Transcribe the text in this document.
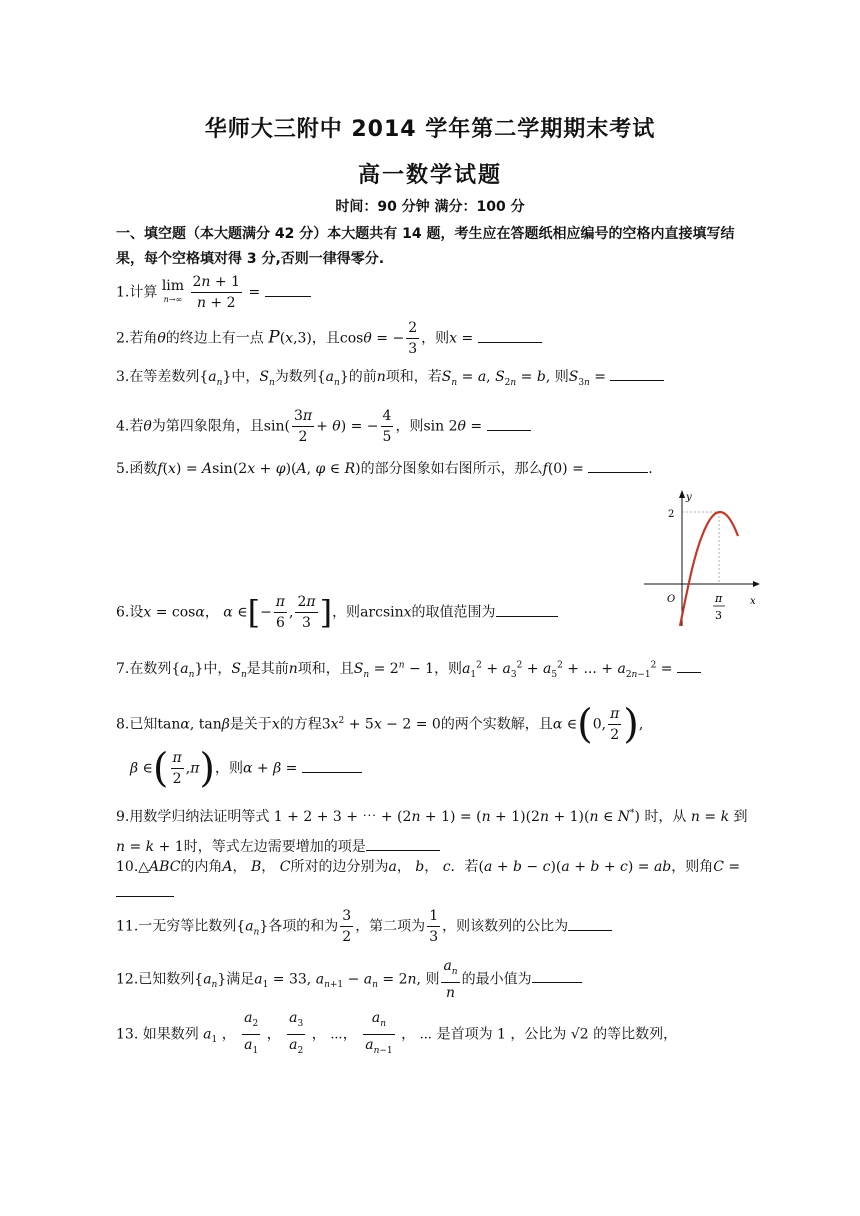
华师大三附中 2014 学年第二学期期末考试
高一数学试题
时间：90 分钟 满分：100 分
一、填空题（本大题满分 42 分）本大题共有 14 题，考生应在答题纸相应编号的空格内直接填写结果，每个空格填对得 3 分,否则一律得零分.
1.计算 lim
n→∞
$\frac{2n + 1}{n + 2}$ =
2.若角θ的终边上有一点 P(x,3)，且cosθ = − $\frac{2}{3}$ ，则x =
3.在等差数列$\{a_n\}$中，$S_n$为数列$\{a_n\}$的前n项和，若$S_n = a$, $S_{2n} = b$, 则$S_{3n}$ =
4.若θ为第四象限角，且$\sin( \frac{3\pi}{2} + \theta)$ = − $\frac{4}{5}$ ，则sin 2θ =
5.函数f(x) = Asin(2x + φ)(A, φ ∈ R)的部分图象如右图所示，那么f(0) =	.
y
x
O
2
π
3
6.设x = cosα， α ∈[− $\frac{\pi}{6}$ , $\frac{2\pi}{3}$ ]，则arcsinx的取值范围为
7.在数列$\{a_n\}$中，$S_n$是其前n项和，且$S_n = 2^n - 1$，则$a_1^2 + a_3^2 + a_5^2$ + ... + $a_{2n-1}^2$ =
8.已知tanα, tanβ是关于x的方程$3x^2 + 5x - 2 = 0$的两个实数解，且α ∈(0, $\frac{\pi}{2}$ ),
β ∈( $\frac{\pi}{2} ,\pi$)，则α + β =
9.用数学归纳法证明等式 1 + 2 + 3 + ⋯ + (2n + 1) = (n + 1)(2n + 1)(n ∈ N*) 时，从 n = k 到
n = k + 1时，等式左边需要增加的项是
10.△ABC的内角A， B， C所对的边分别为a， b， c．若(a + b − c)(a + b + c) = ab，则角C =
11.一无穷等比数列$\{a_n\}$各项的和为 $\frac{3}{2}$ ，第二项为 $\frac{1}{3}$ ，则该数列的公比为
12.已知数列$\{a_n\}$满足$a_1 = 33$, $a_{n+1} - a_n = 2n$, 则 $\frac{a_n}{n}$ 的最小值为
13. 如果数列 $a_1$ ， $\frac{a_2}{a_1}$ ， $\frac{a_3}{a_2}$ ， ⋯， $\frac{a_n}{a_{n-1}}$ ， ⋯ 是首项为 1 ，公比为 √2 的等比数列，
